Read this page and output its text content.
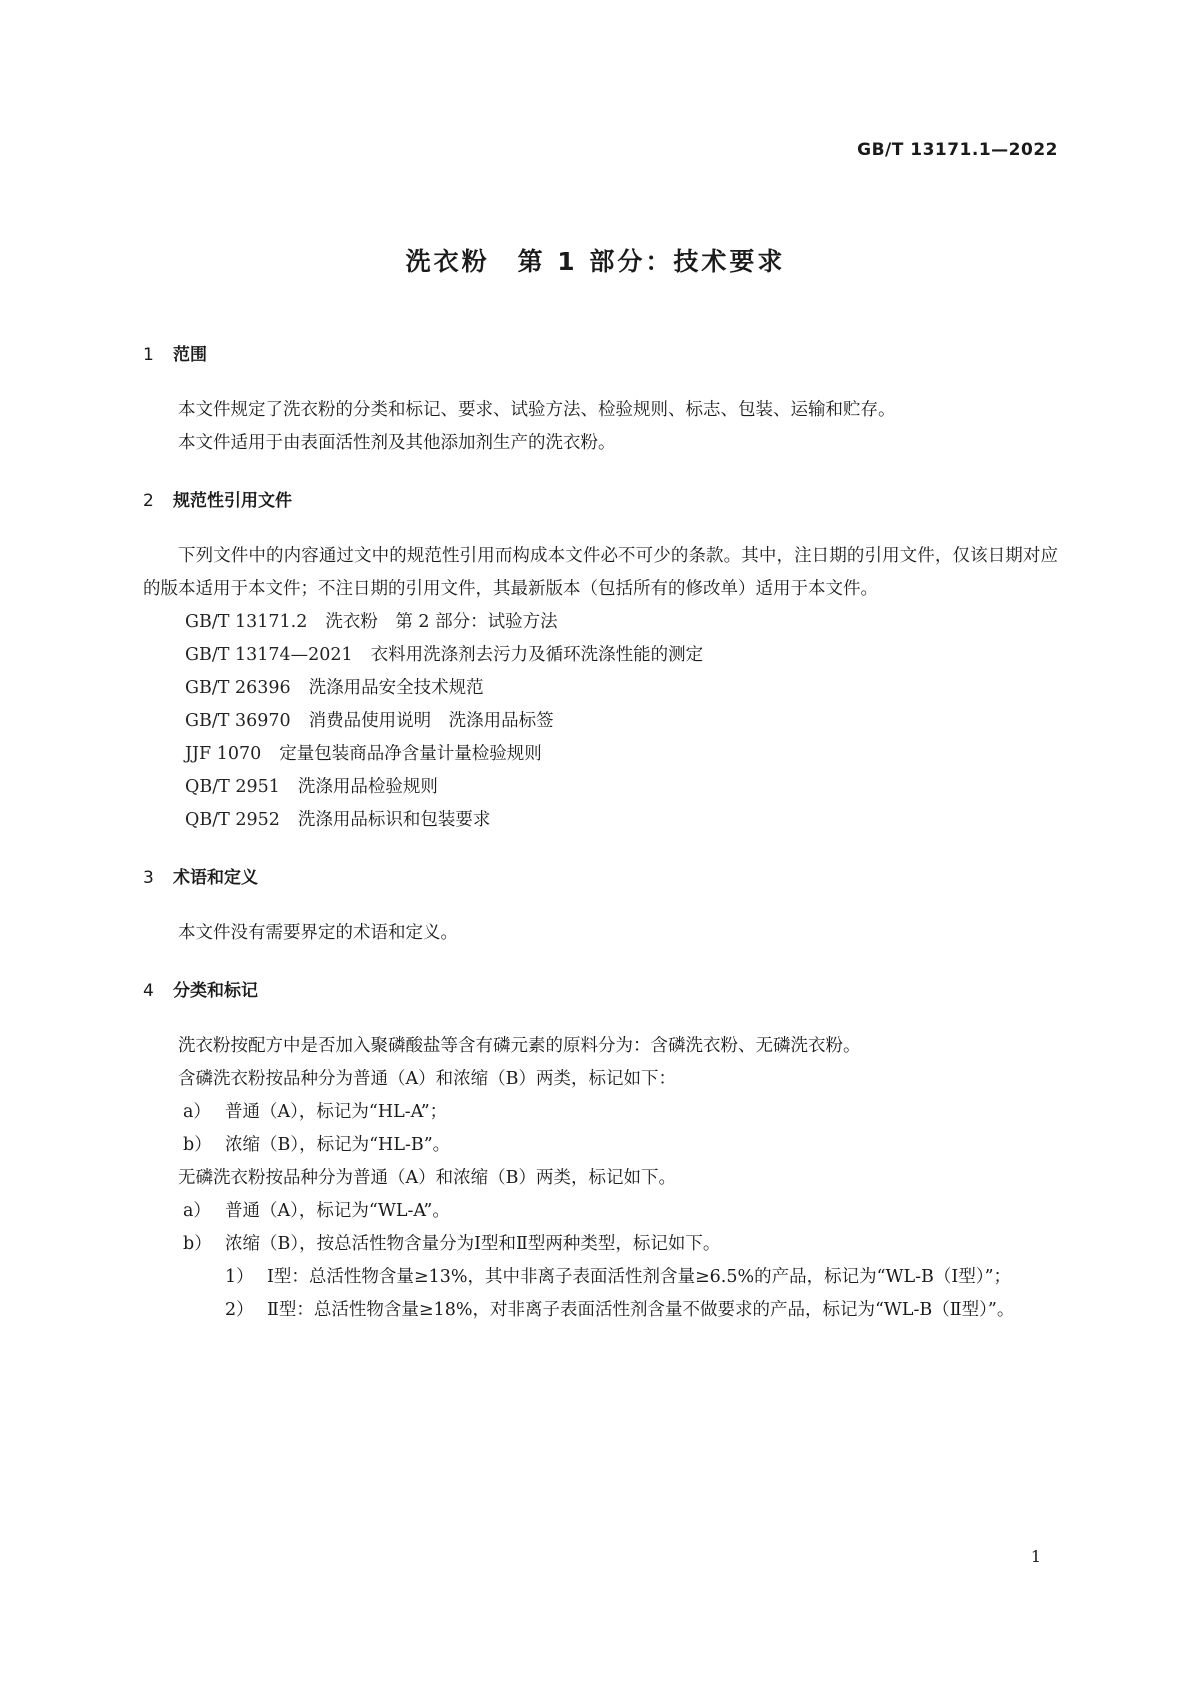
GB/T 13171.1—2022
洗衣粉　第 1 部分：技术要求
1 范围

本文件规定了洗衣粉的分类和标记、要求、试验方法、检验规则、标志、包装、运输和贮存。

本文件适用于由表面活性剂及其他添加剂生产的洗衣粉。

2 规范性引用文件

下列文件中的内容通过文中的规范性引用而构成本文件必不可少的条款。其中，注日期的引用文件，仅该日期对应的版本适用于本文件；不注日期的引用文件，其最新版本（包括所有的修改单）适用于本文件。

GB/T 13171.2 洗衣粉　第 2 部分：试验方法

GB/T 13174—2021 衣料用洗涤剂去污力及循环洗涤性能的测定

GB/T 26396 洗涤用品安全技术规范

GB/T 36970 消费品使用说明　洗涤用品标签

JJF 1070 定量包装商品净含量计量检验规则

QB/T 2951 洗涤用品检验规则

QB/T 2952 洗涤用品标识和包装要求

3 术语和定义

本文件没有需要界定的术语和定义。

4 分类和标记

洗衣粉按配方中是否加入聚磷酸盐等含有磷元素的原料分为：含磷洗衣粉、无磷洗衣粉。

含磷洗衣粉按品种分为普通（A）和浓缩（B）两类，标记如下：

a） 普通（A），标记为“HL-A”；

b） 浓缩（B），标记为“HL-B”。

无磷洗衣粉按品种分为普通（A）和浓缩（B）两类，标记如下。

a） 普通（A），标记为“WL-A”。

b） 浓缩（B），按总活性物含量分为Ⅰ型和Ⅱ型两种类型，标记如下。

1） Ⅰ型：总活性物含量≥13%，其中非离子表面活性剂含量≥6.5%的产品，标记为“WL-B（Ⅰ型）”；

2） Ⅱ型：总活性物含量≥18%，对非离子表面活性剂含量不做要求的产品，标记为“WL-B（Ⅱ型）”。

1
